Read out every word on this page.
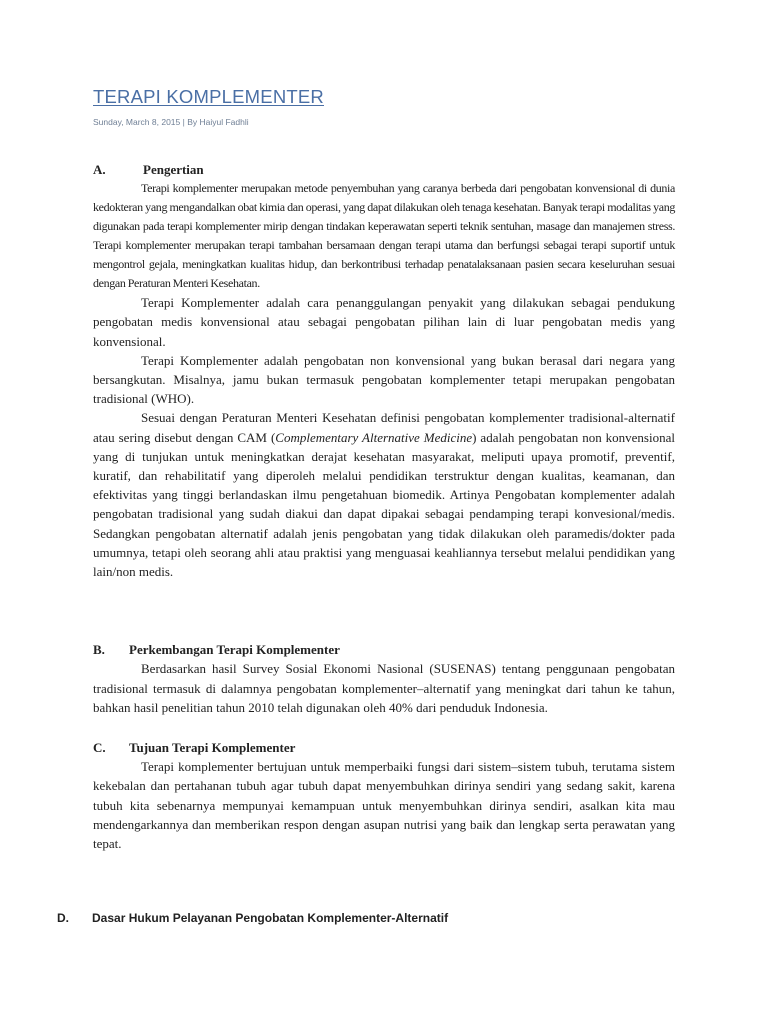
TERAPI KOMPLEMENTER
Sunday, March 8, 2015 | By Haiyul Fadhli
A.	Pengertian

Terapi komplementer merupakan metode penyembuhan yang caranya berbeda dari pengobatan konvensional di dunia kedokteran yang mengandalkan obat kimia dan operasi, yang dapat dilakukan oleh tenaga kesehatan. Banyak terapi modalitas yang digunakan pada terapi komplementer mirip dengan tindakan keperawatan seperti teknik sentuhan, masage dan manajemen stress. Terapi komplementer merupakan terapi tambahan bersamaan dengan terapi utama dan berfungsi sebagai terapi suportif untuk mengontrol gejala, meningkatkan kualitas hidup, dan berkontribusi terhadap penatalaksanaan pasien secara keseluruhan sesuai dengan Peraturan Menteri Kesehatan.

Terapi Komplementer adalah cara penanggulangan penyakit yang dilakukan sebagai pendukung pengobatan medis konvensional atau sebagai pengobatan pilihan lain di luar pengobatan medis yang konvensional.

Terapi Komplementer adalah pengobatan non konvensional yang bukan berasal dari negara yang bersangkutan. Misalnya, jamu bukan termasuk pengobatan komplementer tetapi merupakan pengobatan tradisional (WHO).

Sesuai dengan Peraturan Menteri Kesehatan definisi pengobatan komplementer tradisional-alternatif atau sering disebut dengan CAM (Complementary Alternative Medicine) adalah pengobatan non konvensional yang di tunjukan untuk meningkatkan derajat kesehatan masyarakat, meliputi upaya promotif, preventif, kuratif, dan rehabilitatif yang diperoleh melalui pendidikan terstruktur dengan kualitas, keamanan, dan efektivitas yang tinggi berlandaskan ilmu pengetahuan biomedik. Artinya Pengobatan komplementer adalah pengobatan tradisional yang sudah diakui dan dapat dipakai sebagai pendamping terapi konvesional/medis. Sedangkan pengobatan alternatif adalah jenis pengobatan yang tidak dilakukan oleh paramedis/dokter pada umumnya, tetapi oleh seorang ahli atau praktisi yang menguasai keahliannya tersebut melalui pendidikan yang lain/non medis.

B. Perkembangan Terapi Komplementer

Berdasarkan hasil Survey Sosial Ekonomi Nasional (SUSENAS) tentang penggunaan pengobatan tradisional termasuk di dalamnya pengobatan komplementer–alternatif yang meningkat dari tahun ke tahun, bahkan hasil penelitian tahun 2010 telah digunakan oleh 40% dari penduduk Indonesia.

C. Tujuan Terapi Komplementer

Terapi komplementer bertujuan untuk memperbaiki fungsi dari sistem–sistem tubuh, terutama sistem kekebalan dan pertahanan tubuh agar tubuh dapat menyembuhkan dirinya sendiri yang sedang sakit, karena tubuh kita sebenarnya mempunyai kemampuan untuk menyembuhkan dirinya sendiri, asalkan kita mau mendengarkannya dan memberikan respon dengan asupan nutrisi yang baik dan lengkap serta perawatan yang tepat.

D. Dasar Hukum Pelayanan Pengobatan Komplementer-Alternatif
